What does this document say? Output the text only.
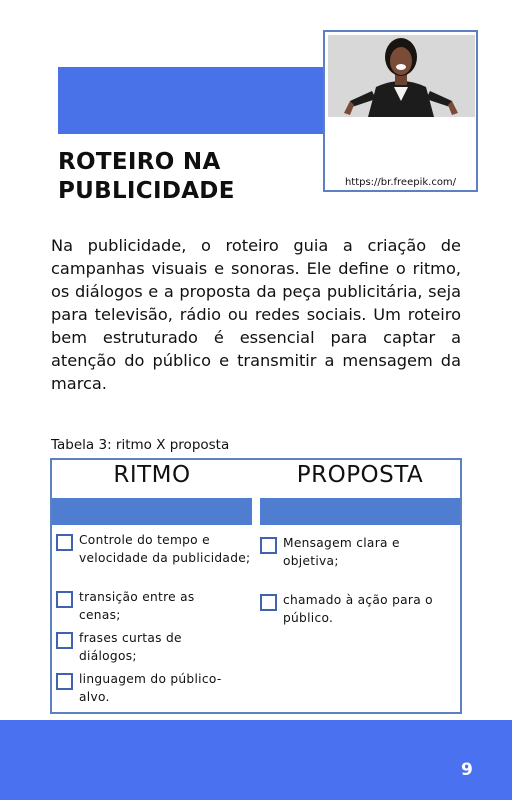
https://br.freepik.com/
ROTEIRO NA
PUBLICIDADE

Na publicidade, o roteiro guia a criação de campanhas visuais e sonoras. Ele define o ritmo, os diálogos e a proposta da peça publicitária, seja para televisão, rádio ou redes sociais. Um roteiro bem estruturado é essencial para captar a atenção do público e transmitir a mensagem da marca.

Tabela 3: ritmo X proposta

RITMO	PROPOSTA
Controle do tempo e velocidade da publicidade;
transição entre as cenas;
frases curtas de diálogos;
linguagem do público-alvo.
Mensagem clara e objetiva;
chamado à ação para o público.
9
